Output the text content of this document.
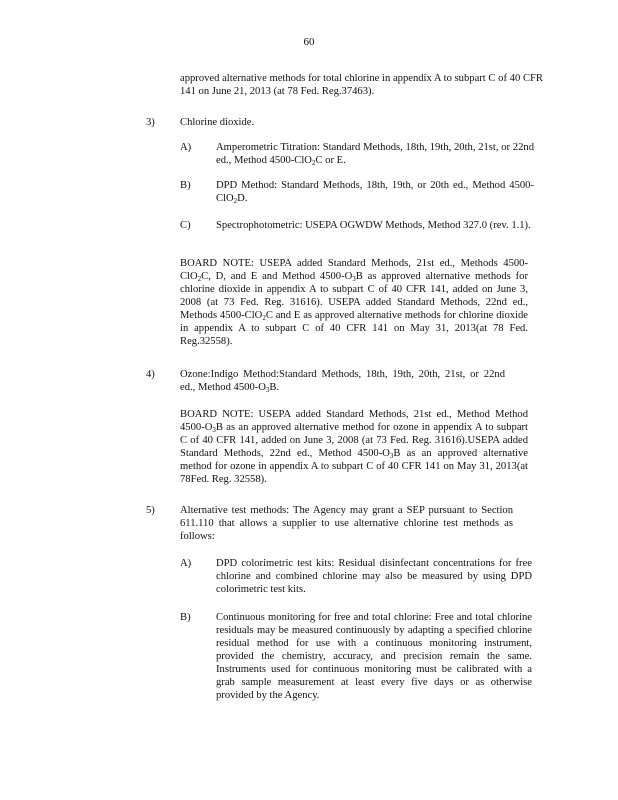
60
approved alternative methods for total chlorine in appendix A to subpart C of 40 CFR 141 on June 21, 2013 (at 78 Fed. Reg.37463).
3) Chlorine dioxide.
A) Amperometric Titration: Standard Methods, 18th, 19th, 20th, 21st, or 22nd ed., Method 4500-ClO$_2$C or E.
B) DPD Method: Standard Methods, 18th, 19th, or 20th ed., Method 4500-ClO$_2$D.
C) Spectrophotometric: USEPA OGWDW Methods, Method 327.0 (rev. 1.1).
BOARD NOTE: USEPA added Standard Methods, 21st ed., Methods 4500-ClO$_2$C, D, and E and Method $4500-O_3B$ as approved alternative methods for chlorine dioxide in appendix A to subpart C of 40 CFR 141, added on June 3, 2008 (at 73 Fed. Reg. 31616). USEPA added Standard Methods, 22nd ed., Methods 4500-ClO$_2$C and E as approved alternative methods for chlorine dioxide in appendix A to subpart C of 40 CFR 141 on May 31, 2013(at 78 Fed. Reg.32558).
4) Ozone:Indigo Method:Standard Methods, 18th, 19th, 20th, 21st, or 22nd ed., Method $4500-O_3B$.
BOARD NOTE: USEPA added Standard Methods, 21st ed., Method Method $4500-O_3B$ as an approved alternative method for ozone in appendix A to subpart C of 40 CFR 141, added on June 3, 2008 (at 73 Fed. Reg. 31616).USEPA added Standard Methods, 22nd ed., Method $4500-O_3B$ as an approved alternative method for ozone in appendix A to subpart C of 40 CFR 141 on May 31, 2013(at 78Fed. Reg. 32558).
5) Alternative test methods: The Agency may grant a SEP pursuant to Section 611.110 that allows a supplier to use alternative chlorine test methods as follows:
A) DPD colorimetric test kits: Residual disinfectant concentrations for free chlorine and combined chlorine may also be measured by using DPD colorimetric test kits.
B) Continuous monitoring for free and total chlorine: Free and total chlorine residuals may be measured continuously by adapting a specified chlorine residual method for use with a continuous monitoring instrument, provided the chemistry, accuracy, and precision remain the same. Instruments used for continuous monitoring must be calibrated with a grab sample measurement at least every five days or as otherwise provided by the Agency.
